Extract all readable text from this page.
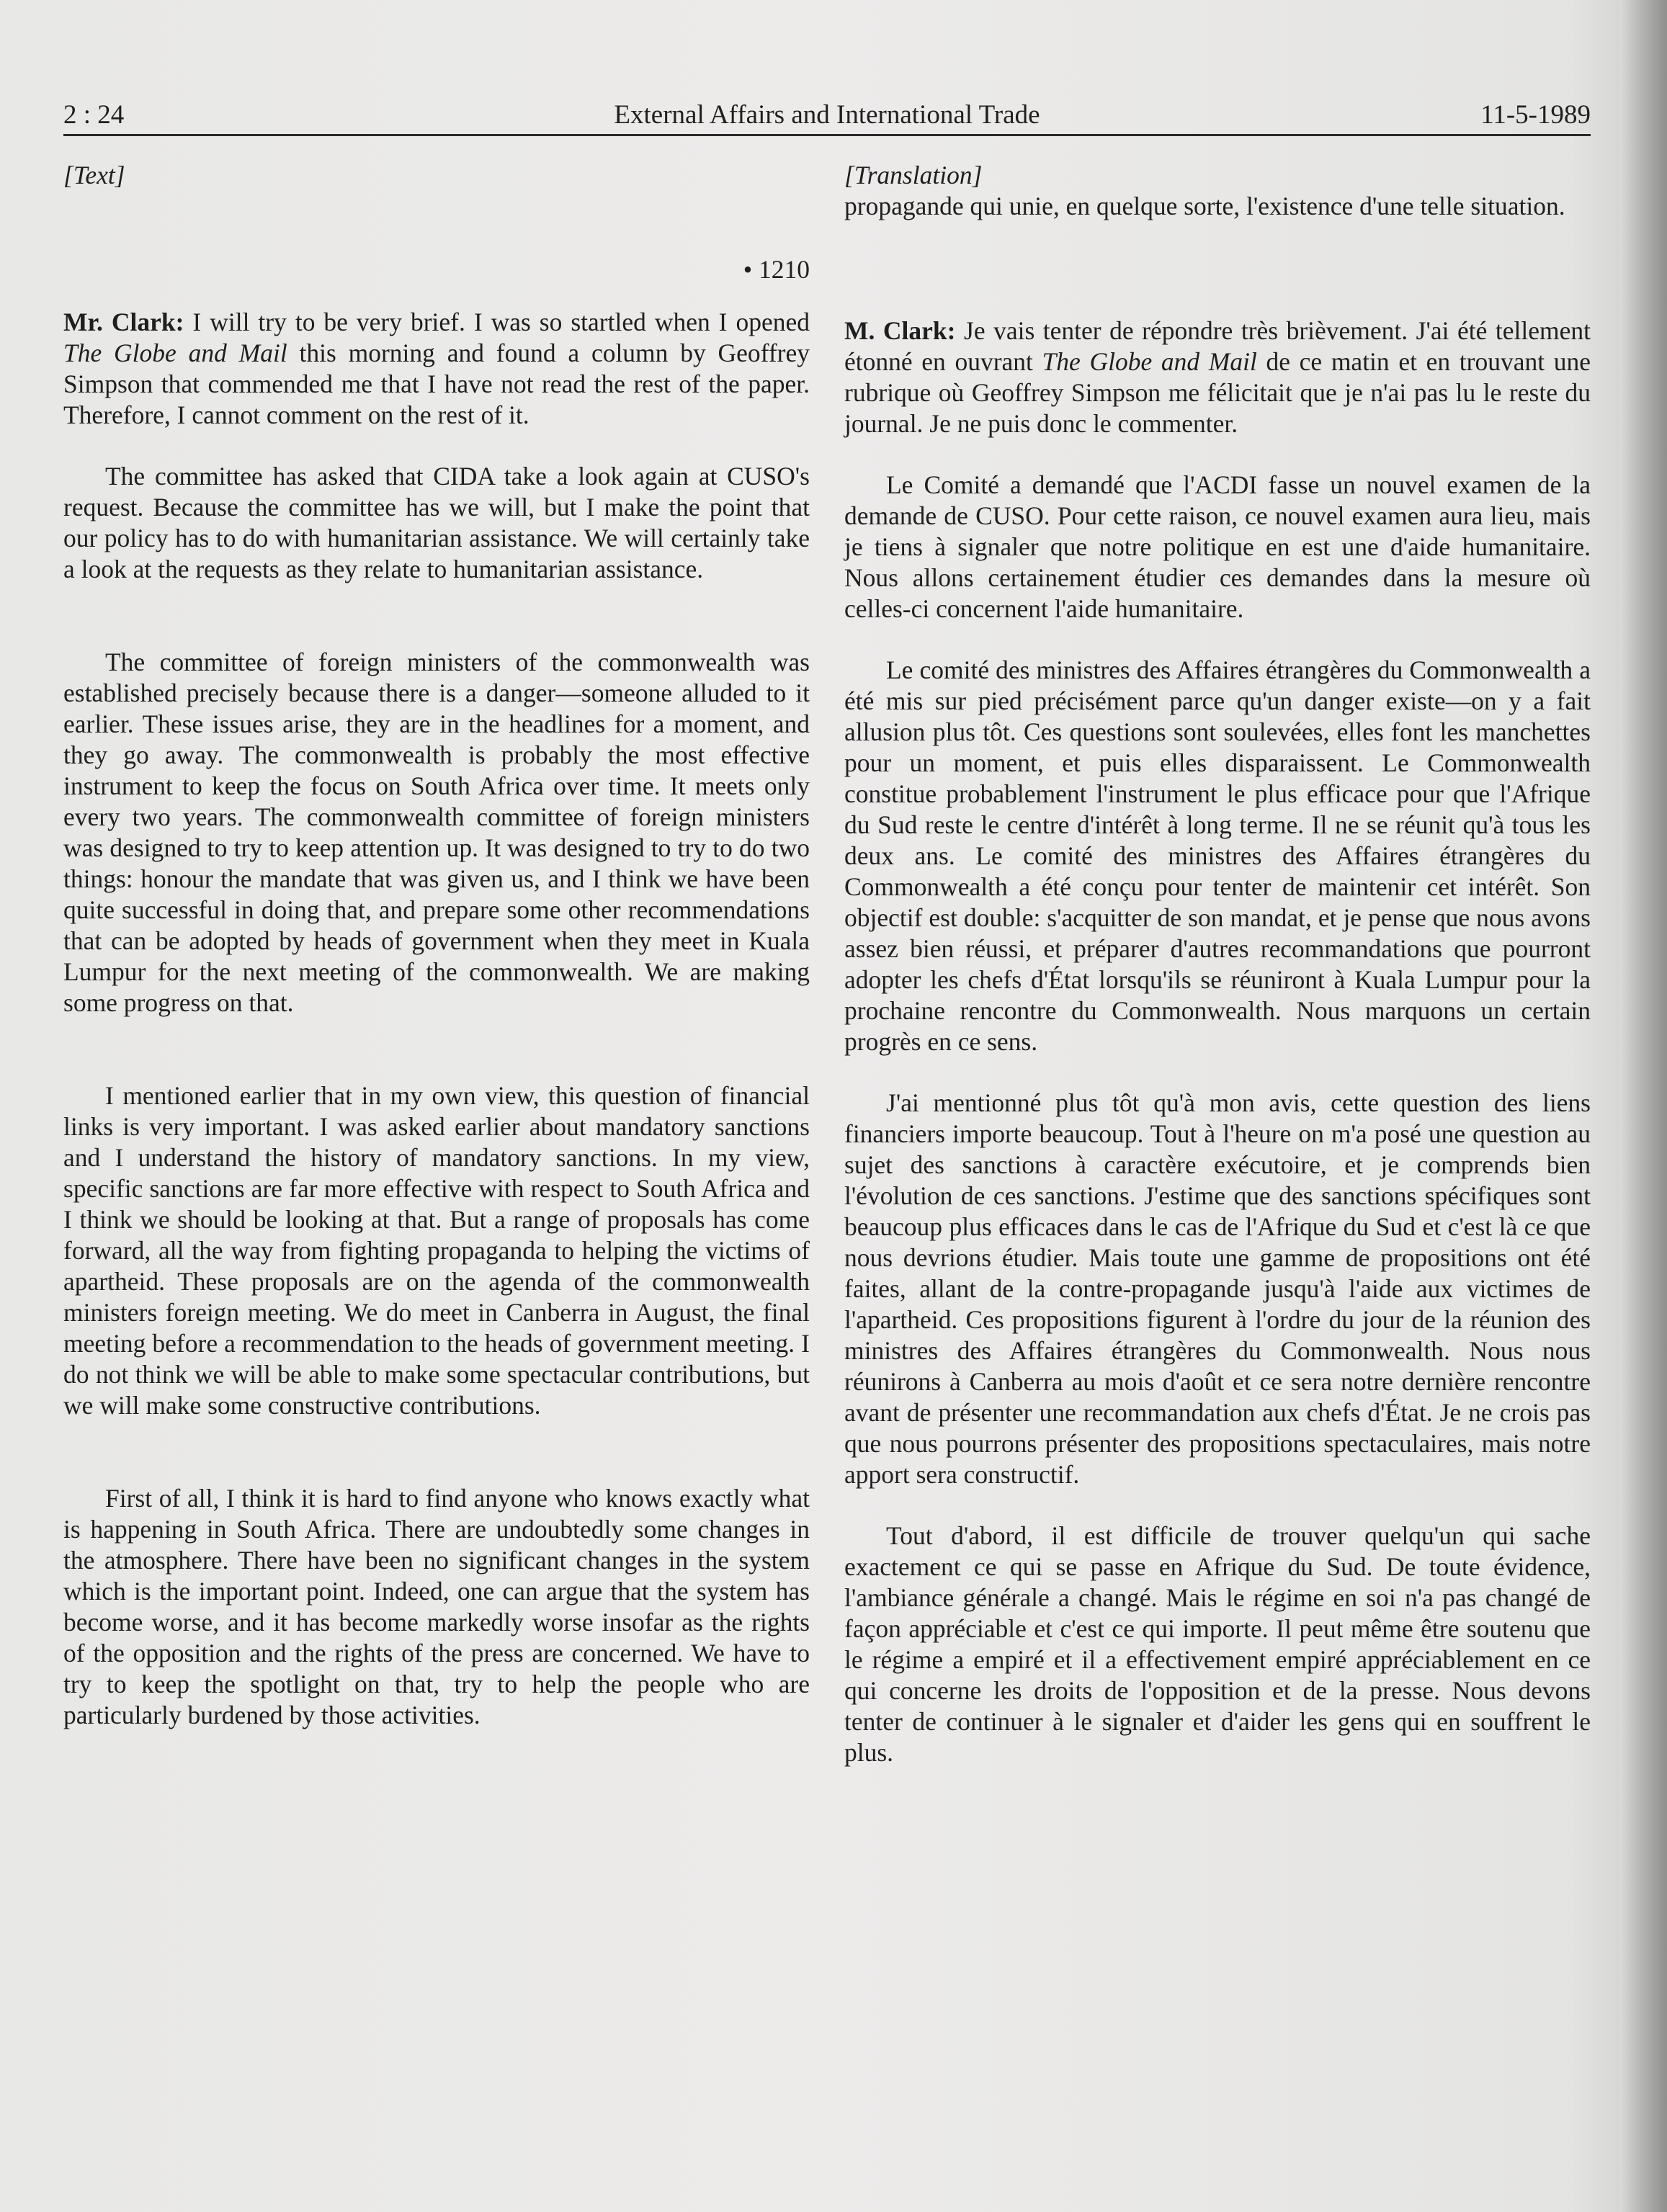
2 : 24	External Affairs and International Trade	11-5-1989

[Text]

• 1210

Mr. Clark: I will try to be very brief. I was so startled when I opened The Globe and Mail this morning and found a column by Geoffrey Simpson that commended me that I have not read the rest of the paper. Therefore, I cannot comment on the rest of it.

The committee has asked that CIDA take a look again at CUSO's request. Because the committee has we will, but I make the point that our policy has to do with humanitarian assistance. We will certainly take a look at the requests as they relate to humanitarian assistance.

The committee of foreign ministers of the commonwealth was established precisely because there is a danger—someone alluded to it earlier. These issues arise, they are in the headlines for a moment, and they go away. The commonwealth is probably the most effective instrument to keep the focus on South Africa over time. It meets only every two years. The commonwealth committee of foreign ministers was designed to try to keep attention up. It was designed to try to do two things: honour the mandate that was given us, and I think we have been quite successful in doing that, and prepare some other recommendations that can be adopted by heads of government when they meet in Kuala Lumpur for the next meeting of the commonwealth. We are making some progress on that.

I mentioned earlier that in my own view, this question of financial links is very important. I was asked earlier about mandatory sanctions and I understand the history of mandatory sanctions. In my view, specific sanctions are far more effective with respect to South Africa and I think we should be looking at that. But a range of proposals has come forward, all the way from fighting propaganda to helping the victims of apartheid. These proposals are on the agenda of the commonwealth ministers foreign meeting. We do meet in Canberra in August, the final meeting before a recommendation to the heads of government meeting. I do not think we will be able to make some spectacular contributions, but we will make some constructive contributions.

First of all, I think it is hard to find anyone who knows exactly what is happening in South Africa. There are undoubtedly some changes in the atmosphere. There have been no significant changes in the system which is the important point. Indeed, one can argue that the system has become worse, and it has become markedly worse insofar as the rights of the opposition and the rights of the press are concerned. We have to try to keep the spotlight on that, try to help the people who are particularly burdened by those activities.

[Translation]

propagande qui unie, en quelque sorte, l'existence d'une telle situation.

M. Clark: Je vais tenter de répondre très brièvement. J'ai été tellement étonné en ouvrant The Globe and Mail de ce matin et en trouvant une rubrique où Geoffrey Simpson me félicitait que je n'ai pas lu le reste du journal. Je ne puis donc le commenter.

Le Comité a demandé que l'ACDI fasse un nouvel examen de la demande de CUSO. Pour cette raison, ce nouvel examen aura lieu, mais je tiens à signaler que notre politique en est une d'aide humanitaire. Nous allons certainement étudier ces demandes dans la mesure où celles-ci concernent l'aide humanitaire.

Le comité des ministres des Affaires étrangères du Commonwealth a été mis sur pied précisément parce qu'un danger existe—on y a fait allusion plus tôt. Ces questions sont soulevées, elles font les manchettes pour un moment, et puis elles disparaissent. Le Commonwealth constitue probablement l'instrument le plus efficace pour que l'Afrique du Sud reste le centre d'intérêt à long terme. Il ne se réunit qu'à tous les deux ans. Le comité des ministres des Affaires étrangères du Commonwealth a été conçu pour tenter de maintenir cet intérêt. Son objectif est double: s'acquitter de son mandat, et je pense que nous avons assez bien réussi, et préparer d'autres recommandations que pourront adopter les chefs d'État lorsqu'ils se réuniront à Kuala Lumpur pour la prochaine rencontre du Commonwealth. Nous marquons un certain progrès en ce sens.

J'ai mentionné plus tôt qu'à mon avis, cette question des liens financiers importe beaucoup. Tout à l'heure on m'a posé une question au sujet des sanctions à caractère exécutoire, et je comprends bien l'évolution de ces sanctions. J'estime que des sanctions spécifiques sont beaucoup plus efficaces dans le cas de l'Afrique du Sud et c'est là ce que nous devrions étudier. Mais toute une gamme de propositions ont été faites, allant de la contre-propagande jusqu'à l'aide aux victimes de l'apartheid. Ces propositions figurent à l'ordre du jour de la réunion des ministres des Affaires étrangères du Commonwealth. Nous nous réunirons à Canberra au mois d'août et ce sera notre dernière rencontre avant de présenter une recommandation aux chefs d'État. Je ne crois pas que nous pourrons présenter des propositions spectaculaires, mais notre apport sera constructif.

Tout d'abord, il est difficile de trouver quelqu'un qui sache exactement ce qui se passe en Afrique du Sud. De toute évidence, l'ambiance générale a changé. Mais le régime en soi n'a pas changé de façon appréciable et c'est ce qui importe. Il peut même être soutenu que le régime a empiré et il a effectivement empiré appréciablement en ce qui concerne les droits de l'opposition et de la presse. Nous devons tenter de continuer à le signaler et d'aider les gens qui en souffrent le plus.
